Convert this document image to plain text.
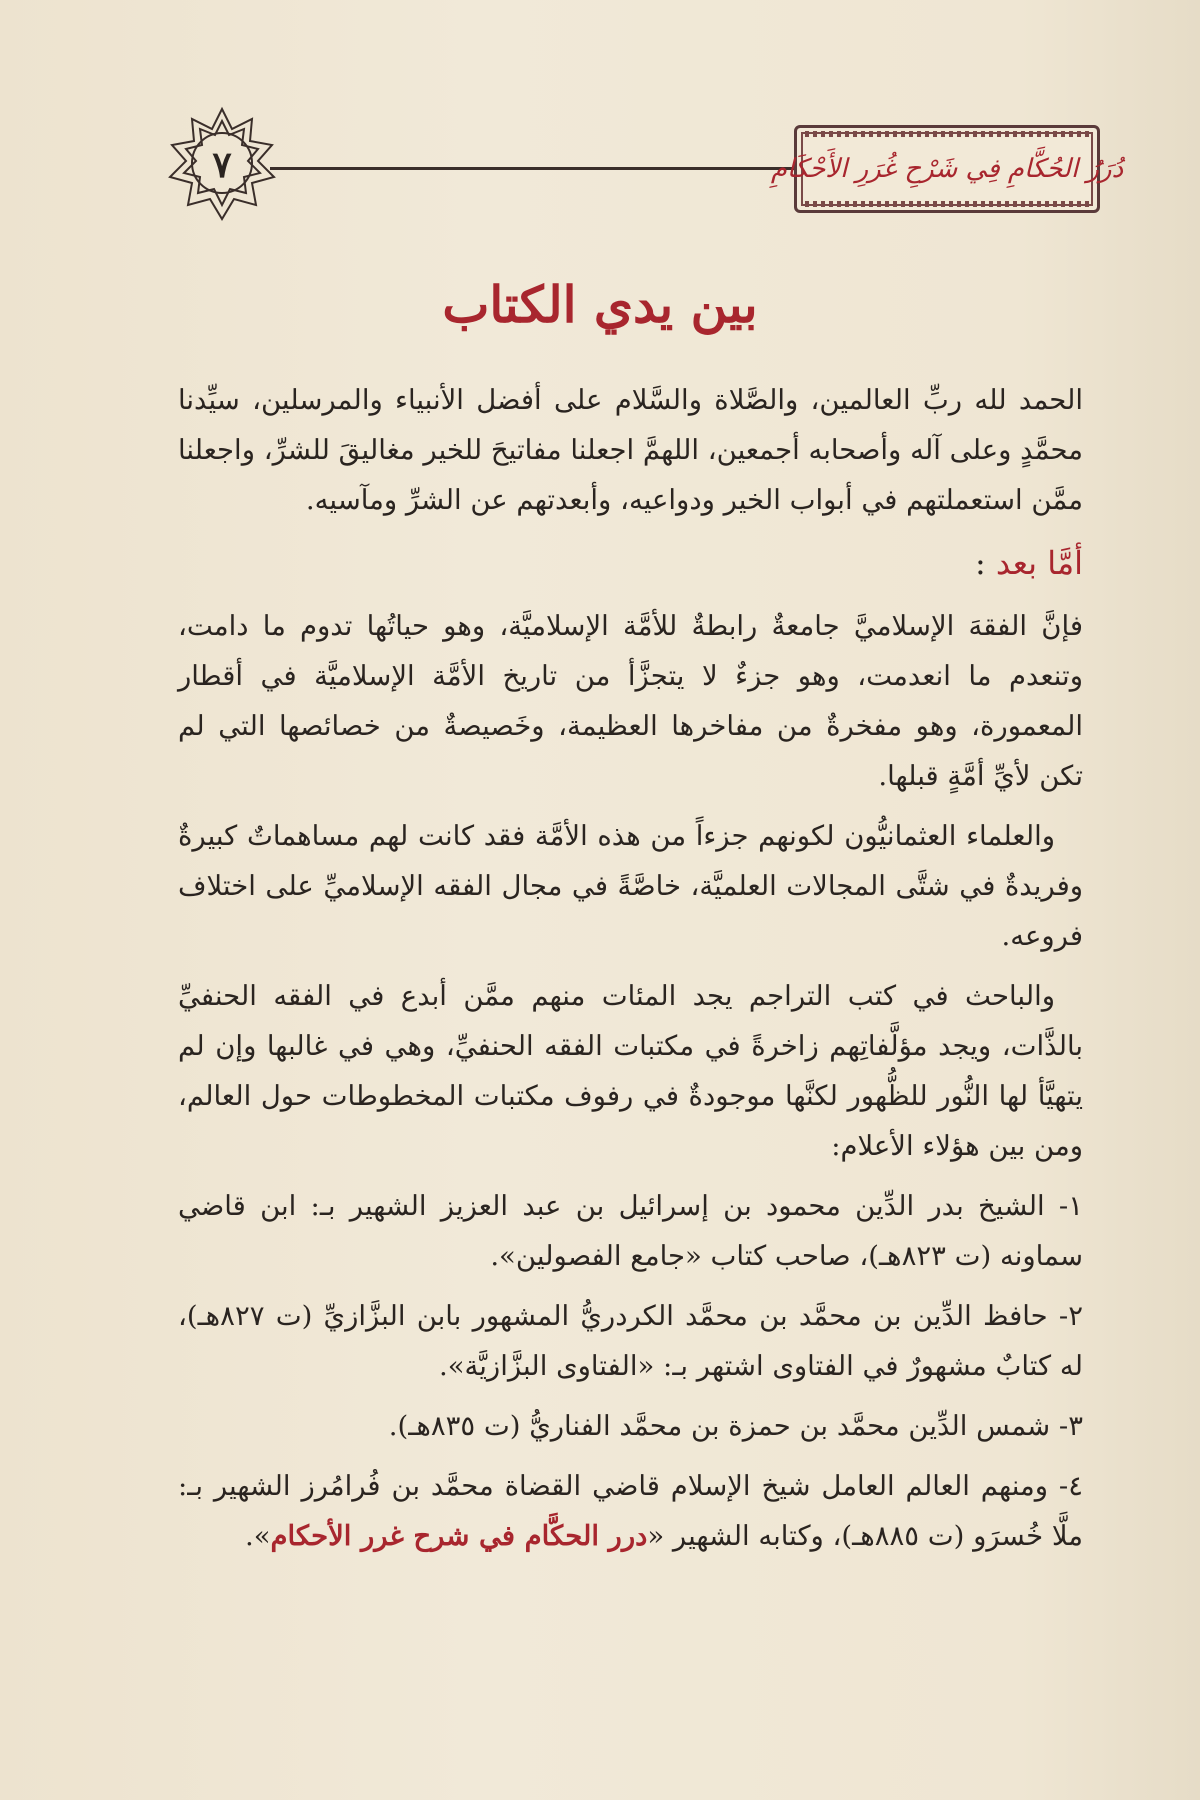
٧	دُرَرُ الحُكَّامِ فِي شَرْحِ غُرَرِ الأَحْكَامِ
بين يدي الكتاب

الحمد لله ربِّ العالمين، والصَّلاة والسَّلام على أفضل الأنبياء والمرسلين، سيِّدنا محمَّدٍ وعلى آله وأصحابه أجمعين، اللهمَّ اجعلنا مفاتيحَ للخير مغاليقَ للشرِّ، واجعلنا ممَّن استعملتهم في أبواب الخير ودواعيه، وأبعدتهم عن الشرِّ ومآسيه.

أمَّا بعد :

فإنَّ الفقهَ الإسلاميَّ جامعةٌ رابطةٌ للأمَّة الإسلاميَّة، وهو حياتُها تدوم ما دامت، وتنعدم ما انعدمت، وهو جزءٌ لا يتجزَّأ من تاريخ الأمَّة الإسلاميَّة في أقطار المعمورة، وهو مفخرةٌ من مفاخرها العظيمة، وخَصيصةٌ من خصائصها التي لم تكن لأيِّ أمَّةٍ قبلها.

والعلماء العثمانيُّون لكونهم جزءاً من هذه الأمَّة فقد كانت لهم مساهماتٌ كبيرةٌ وفريدةٌ في شتَّى المجالات العلميَّة، خاصَّةً في مجال الفقه الإسلاميِّ على اختلاف فروعه.

والباحث في كتب التراجم يجد المئات منهم ممَّن أبدع في الفقه الحنفيِّ بالذَّات، ويجد مؤلَّفاتِهم زاخرةً في مكتبات الفقه الحنفيِّ، وهي في غالبها وإن لم يتهيَّأ لها النُّور للظُّهور لكنَّها موجودةٌ في رفوف مكتبات المخطوطات حول العالم، ومن بين هؤلاء الأعلام:

١- الشيخ بدر الدِّين محمود بن إسرائيل بن عبد العزيز الشهير بـ: ابن قاضي سماونه (ت ٨٢٣هـ)، صاحب كتاب «جامع الفصولين».

٢- حافظ الدِّين بن محمَّد بن محمَّد الكردريُّ المشهور بابن البزَّازيِّ (ت ٨٢٧هـ)، له كتابٌ مشهورٌ في الفتاوى اشتهر بـ: «الفتاوى البزَّازيَّة».

٣- شمس الدِّين محمَّد بن حمزة بن محمَّد الفناريُّ (ت ٨٣٥هـ).

٤- ومنهم العالم العامل شيخ الإسلام قاضي القضاة محمَّد بن فُرامُرز الشهير بـ: ملَّا خُسرَو (ت ٨٨٥هـ)، وكتابه الشهير «درر الحكَّام في شرح غرر الأحكام».
